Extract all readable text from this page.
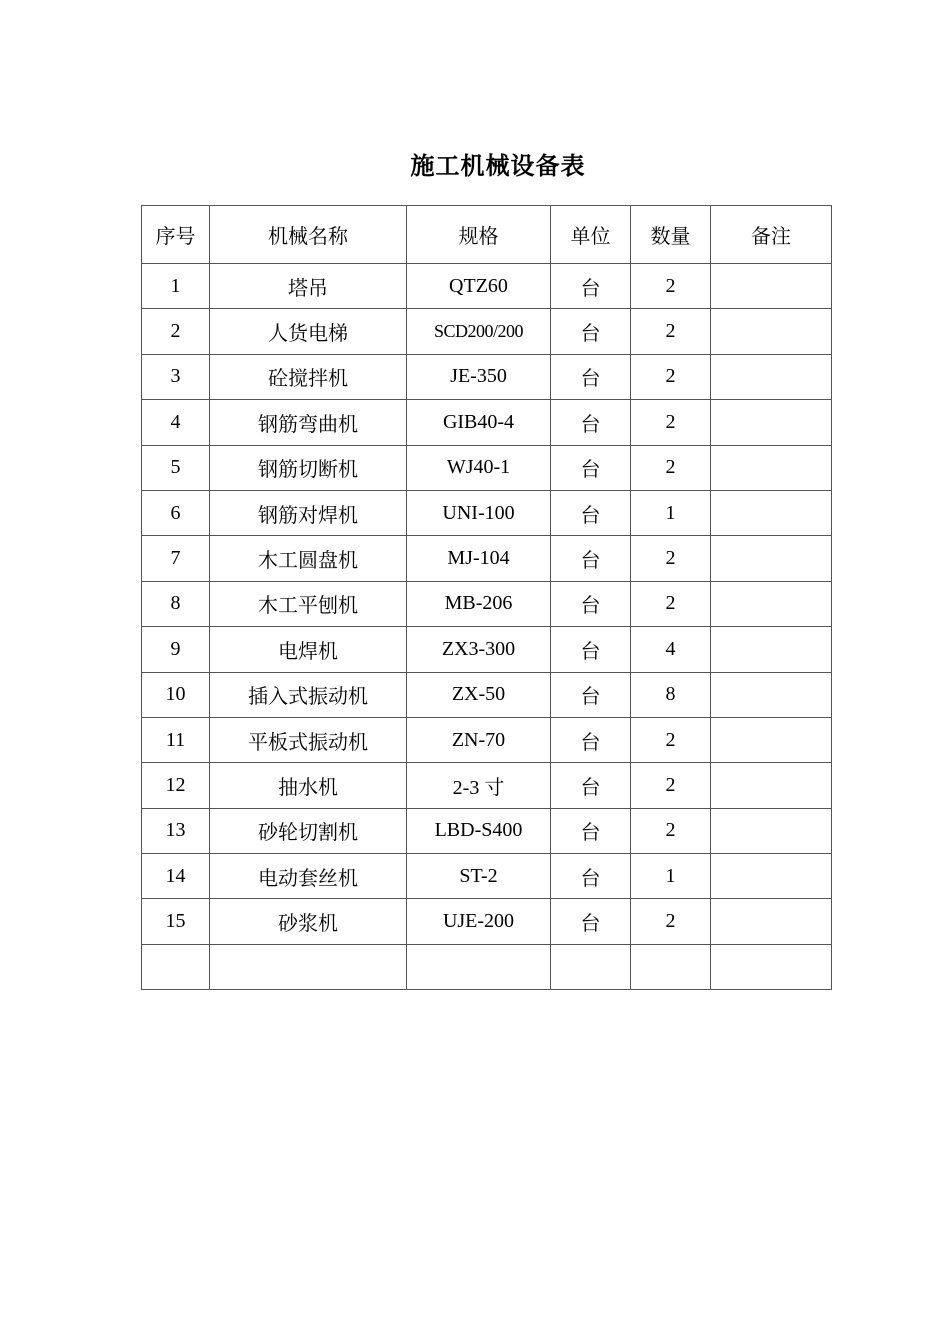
施工机械设备表
序号	机械名称	规格	单位	数量	备注
1	塔吊	QTZ60	台	2	
2	人货电梯	SCD200/200	台	2	
3	砼搅拌机	JE-350	台	2	
4	钢筋弯曲机	GIB40-4	台	2	
5	钢筋切断机	WJ40-1	台	2	
6	钢筋对焊机	UNI-100	台	1	
7	木工圆盘机	MJ-104	台	2	
8	木工平刨机	MB-206	台	2	
9	电焊机	ZX3-300	台	4	
10	插入式振动机	ZX-50	台	8	
11	平板式振动机	ZN-70	台	2	
12	抽水机	2-3 寸	台	2	
13	砂轮切割机	LBD-S400	台	2	
14	电动套丝机	ST-2	台	1	
15	砂浆机	UJE-200	台	2	
